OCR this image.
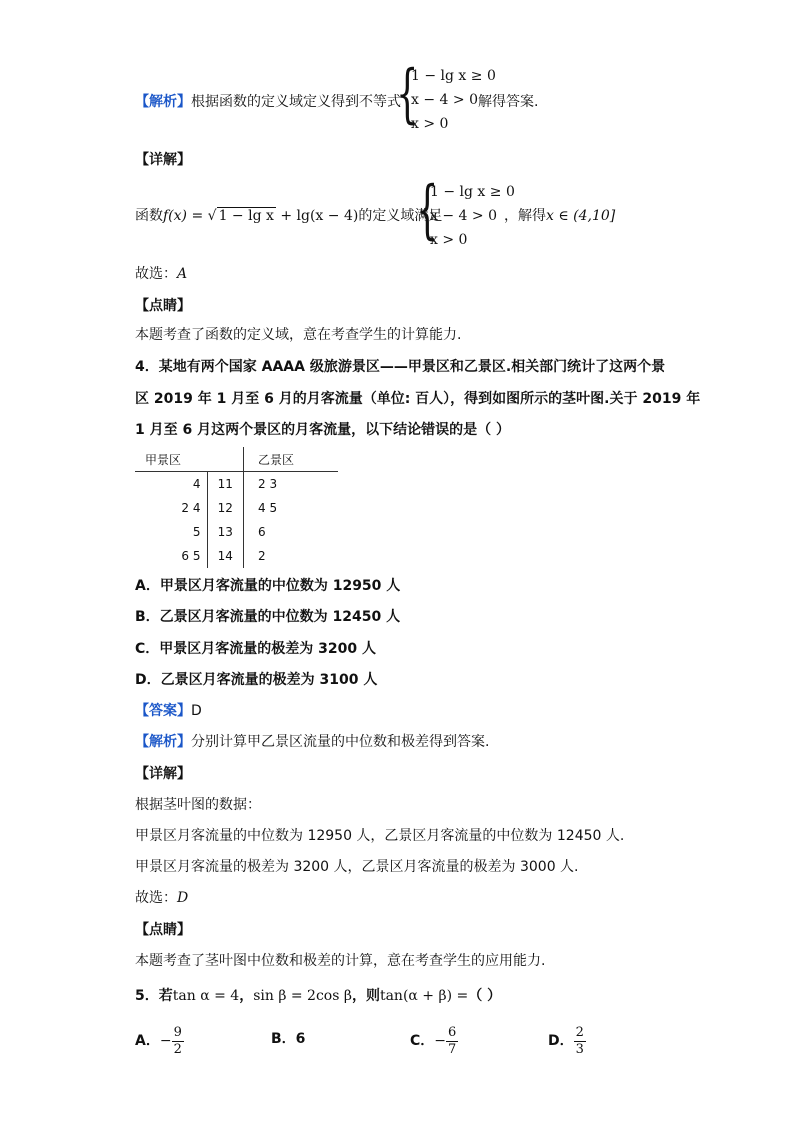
【解析】根据函数的定义域定义得到不等式
{
1 − lg x ≥ 0
x − 4 > 0
x > 0
解得答案.
【详解】
函数f(x) = √ 1 − lg x + lg(x − 4)的定义域满足
{
1 − lg x ≥ 0
x − 4 > 0
x > 0
，解得x ∈ (4,10]
故选：A
【点睛】
本题考查了函数的定义域，意在考查学生的计算能力.
4．某地有两个国家 AAAA 级旅游景区——甲景区和乙景区.相关部门统计了这两个景
区 2019 年 1 月至 6 月的月客流量（单位: 百人），得到如图所示的茎叶图.关于 2019 年
1 月至 6 月这两个景区的月客流量，以下结论错误的是（ ）
甲景区			乙景区
4	11		2 3
2 4	12		4 5
5	13		6
6 5	14		2
A．甲景区月客流量的中位数为 12950 人
B．乙景区月客流量的中位数为 12450 人
C．甲景区月客流量的极差为 3200 人
D．乙景区月客流量的极差为 3100 人
【答案】D
【解析】分别计算甲乙景区流量的中位数和极差得到答案.
【详解】
根据茎叶图的数据：
甲景区月客流量的中位数为 12950 人，乙景区月客流量的中位数为 12450 人.
甲景区月客流量的极差为 3200 人，乙景区月客流量的极差为 3000 人.
故选：D
【点睛】
本题考查了茎叶图中位数和极差的计算，意在考查学生的应用能力.
5．若tan α = 4，sin β = 2cos β，则tan(α + β) =（ ）
A．− $\frac{9}{2}$	B．6	C．− $\frac{6}{7}$	D． $\frac{2}{3}$
